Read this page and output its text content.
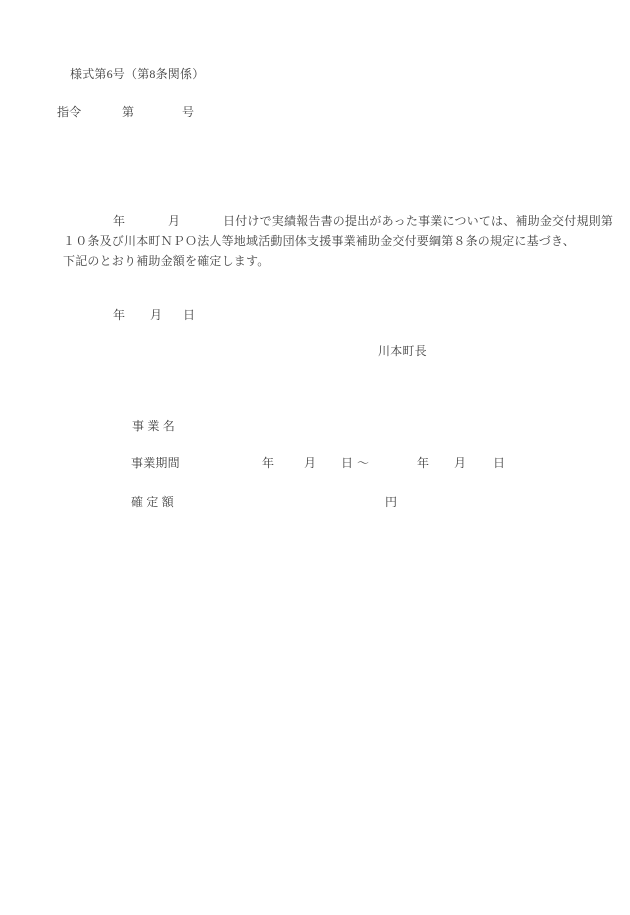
様式第6号（第8条関係）
指令	第	号
年	月	日付けで実績報告書の提出があった事業については、補助金交付規則第
１０条及び川本町ＮＰＯ法人等地域活動団体支援事業補助金交付要綱第８条の規定に基づき、
下記のとおり補助金額を確定します。
年 月 日
川本町長
事 業 名
事業期間	年 月 日 ～	年 月 日
確 定 額	円
